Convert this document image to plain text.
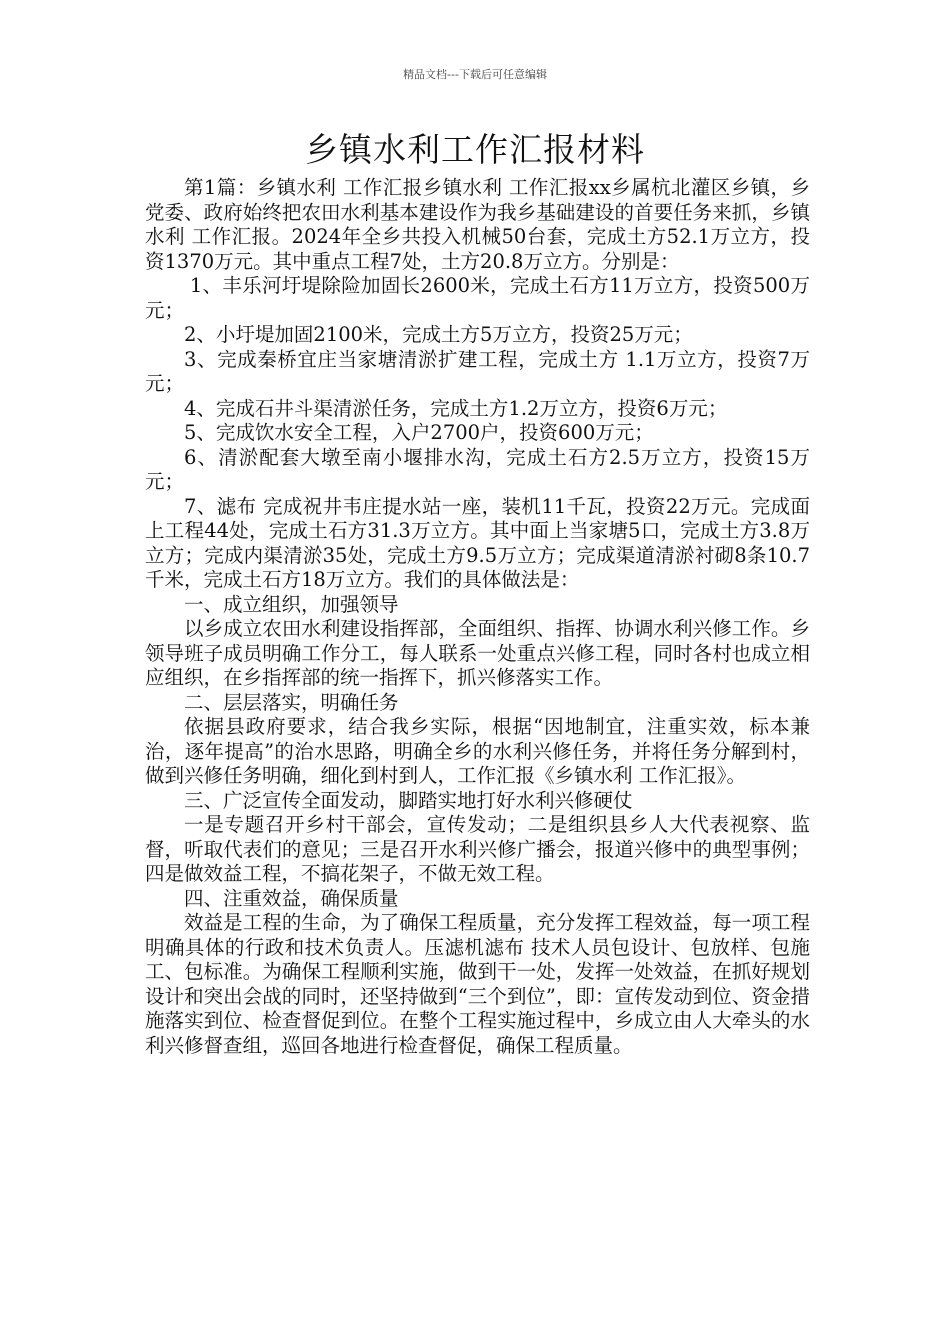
精品文档---下载后可任意编辑
乡镇水利工作汇报材料

第1篇：乡镇水利 工作汇报乡镇水利 工作汇报xx乡属杭北灌区乡镇，乡党委、政府始终把农田水利基本建设作为我乡基础建设的首要任务来抓，乡镇水利 工作汇报。2024年全乡共投入机械50台套，完成土方52.1万立方，投资1370万元。其中重点工程7处，土方20.8万立方。分别是：

1、丰乐河圩堤除险加固长2600米，完成土石方11万立方，投资500万元；

2、小圩堤加固2100米，完成土方5万立方，投资25万元；

3、完成秦桥宜庄当家塘清淤扩建工程，完成土方 1.1万立方，投资7万元；

4、完成石井斗渠清淤任务，完成土方1.2万立方，投资6万元；

5、完成饮水安全工程，入户2700户，投资600万元；

6、清淤配套大墩至南小堰排水沟，完成土石方2.5万立方，投资15万元；

7、滤布 完成祝井韦庄提水站一座，装机11千瓦，投资22万元。完成面上工程44处，完成土石方31.3万立方。其中面上当家塘5口，完成土方3.8万立方；完成内渠清淤35处，完成土方9.5万立方；完成渠道清淤衬砌8条10.7千米，完成土石方18万立方。我们的具体做法是：

一、成立组织，加强领导

以乡成立农田水利建设指挥部，全面组织、指挥、协调水利兴修工作。乡领导班子成员明确工作分工，每人联系一处重点兴修工程，同时各村也成立相应组织，在乡指挥部的统一指挥下，抓兴修落实工作。

二、层层落实，明确任务

依据县政府要求，结合我乡实际，根据“因地制宜，注重实效，标本兼治，逐年提高”的治水思路，明确全乡的水利兴修任务，并将任务分解到村，做到兴修任务明确，细化到村到人，工作汇报《乡镇水利 工作汇报》。

三、广泛宣传全面发动，脚踏实地打好水利兴修硬仗

一是专题召开乡村干部会，宣传发动；二是组织县乡人大代表视察、监督，听取代表们的意见；三是召开水利兴修广播会，报道兴修中的典型事例；四是做效益工程，不搞花架子，不做无效工程。

四、注重效益，确保质量

效益是工程的生命，为了确保工程质量，充分发挥工程效益，每一项工程明确具体的行政和技术负责人。压滤机滤布 技术人员包设计、包放样、包施工、包标准。为确保工程顺利实施，做到干一处，发挥一处效益，在抓好规划设计和突出会战的同时，还坚持做到“三个到位”，即：宣传发动到位、资金措施落实到位、检查督促到位。在整个工程实施过程中，乡成立由人大牵头的水利兴修督查组，巡回各地进行检查督促，确保工程质量。
